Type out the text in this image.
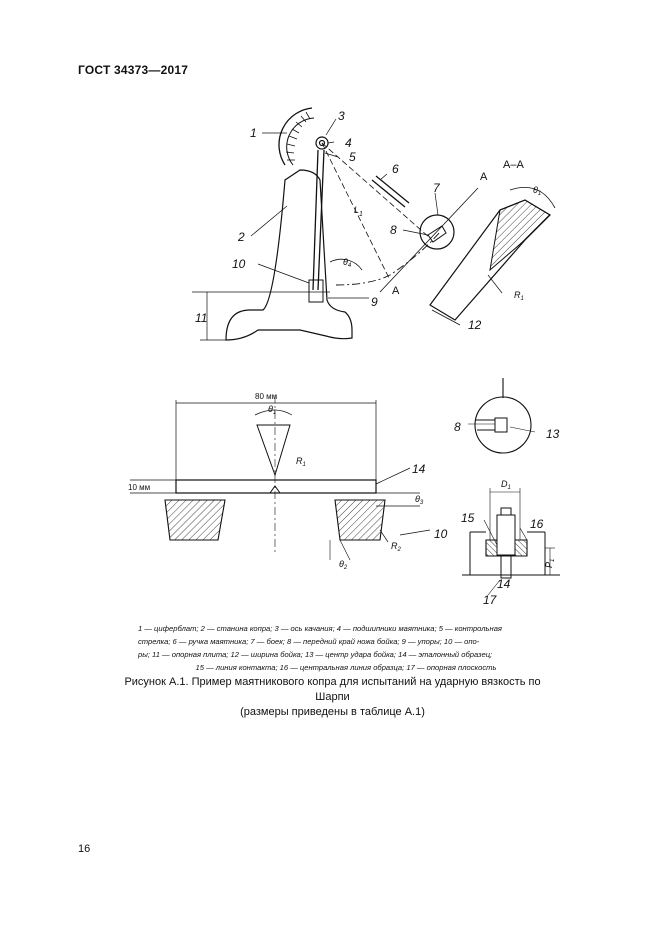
ГОСТ 34373—2017
1
2
3
4
5
6
7
8
10
9
11	12
8	13
14
10
15	16
14
17
A
A
A–A
80 мм
10 мм
$L_1$
$\theta_4$
$\theta_1$
$R_1$
$\theta_1$
$R_1$
$\theta_3$
$R_2$
$\theta_2$
$D_1$
$P_1$

1 — циферблат; 2 — станина копра; 3 — ось качания; 4 — подшипники маятника; 5 — контрольная

стрелка; 6 — ручка маятника; 7 — боек; 8 — передний край ножа бойка; 9 — упоры; 10 — опо-

ры; 11 — опорная плита; 12 — ширина бойка; 13 — центр удара бойка; 14 — эталонный образец;

15 — линия контакта; 16 — центральная линия образца; 17 — опорная плоскость

Рисунок А.1. Пример маятникового копра для испытаний на ударную вязкость по Шарпи

(размеры приведены в таблице А.1)

16
